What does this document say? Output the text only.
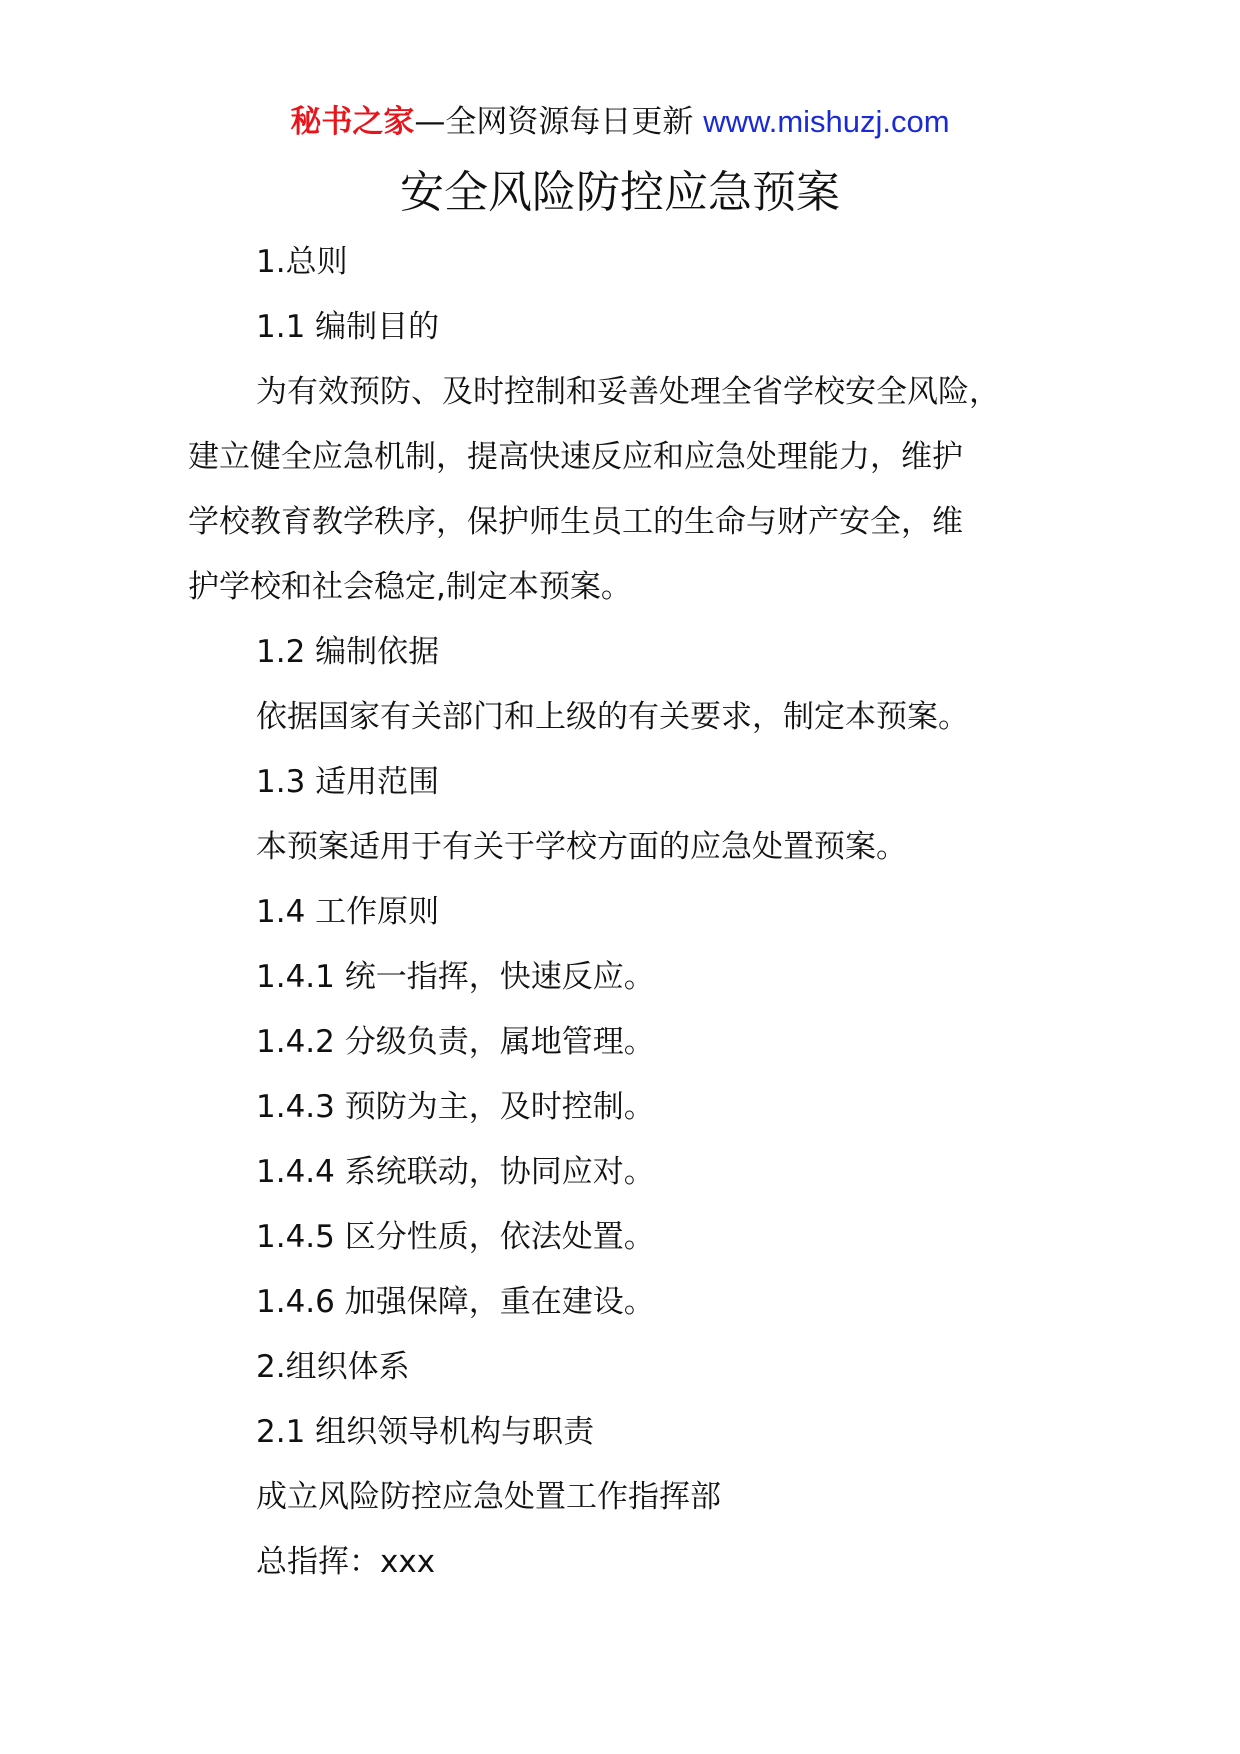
秘书之家—全网资源每日更新 www.mishuzj.com
安全风险防控应急预案
1.总则
1.1 编制目的
为有效预防、及时控制和妥善处理全省学校安全风险，
建立健全应急机制，提高快速反应和应急处理能力，维护
学校教育教学秩序，保护师生员工的生命与财产安全，维
护学校和社会稳定,制定本预案。
1.2 编制依据
依据国家有关部门和上级的有关要求，制定本预案。
1.3 适用范围
本预案适用于有关于学校方面的应急处置预案。
1.4 工作原则
1.4.1 统一指挥，快速反应。
1.4.2 分级负责，属地管理。
1.4.3 预防为主，及时控制。
1.4.4 系统联动，协同应对。
1.4.5 区分性质，依法处置。
1.4.6 加强保障，重在建设。
2.组织体系
2.1 组织领导机构与职责
成立风险防控应急处置工作指挥部
总指挥：xxx
